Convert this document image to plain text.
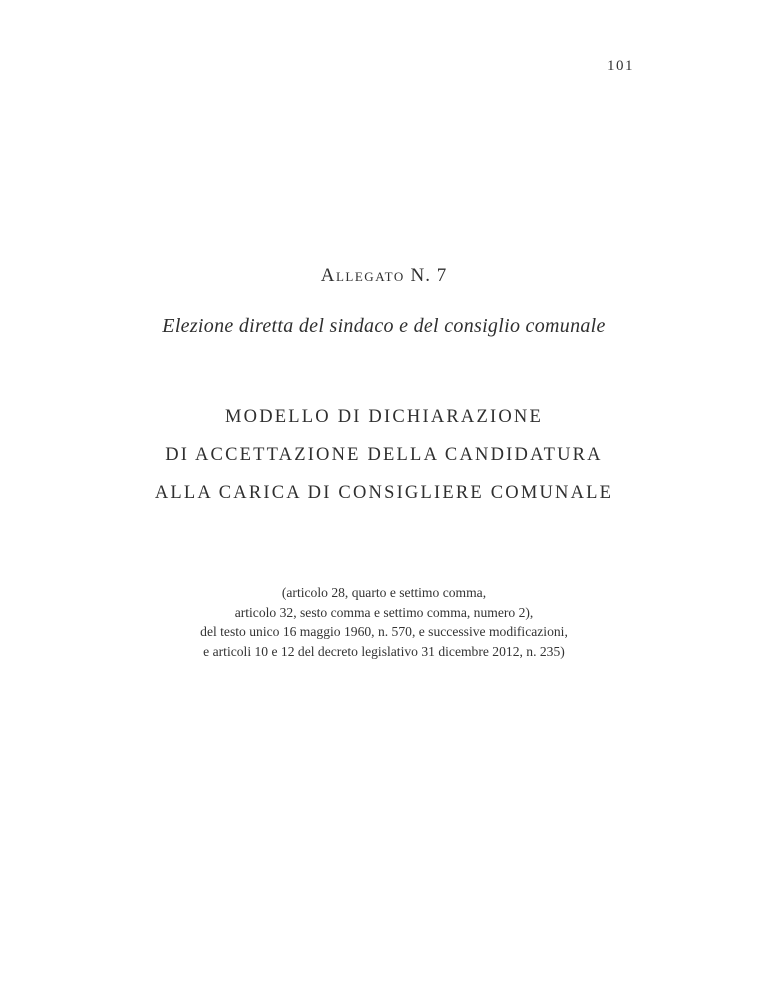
101
Allegato N. 7
Elezione diretta del sindaco e del consiglio comunale
MODELLO DI DICHIARAZIONE
DI ACCETTAZIONE DELLA CANDIDATURA
ALLA CARICA DI CONSIGLIERE COMUNALE
(articolo 28, quarto e settimo comma,
articolo 32, sesto comma e settimo comma, numero 2),
del testo unico 16 maggio 1960, n. 570, e successive modificazioni,
e articoli 10 e 12 del decreto legislativo 31 dicembre 2012, n. 235)
